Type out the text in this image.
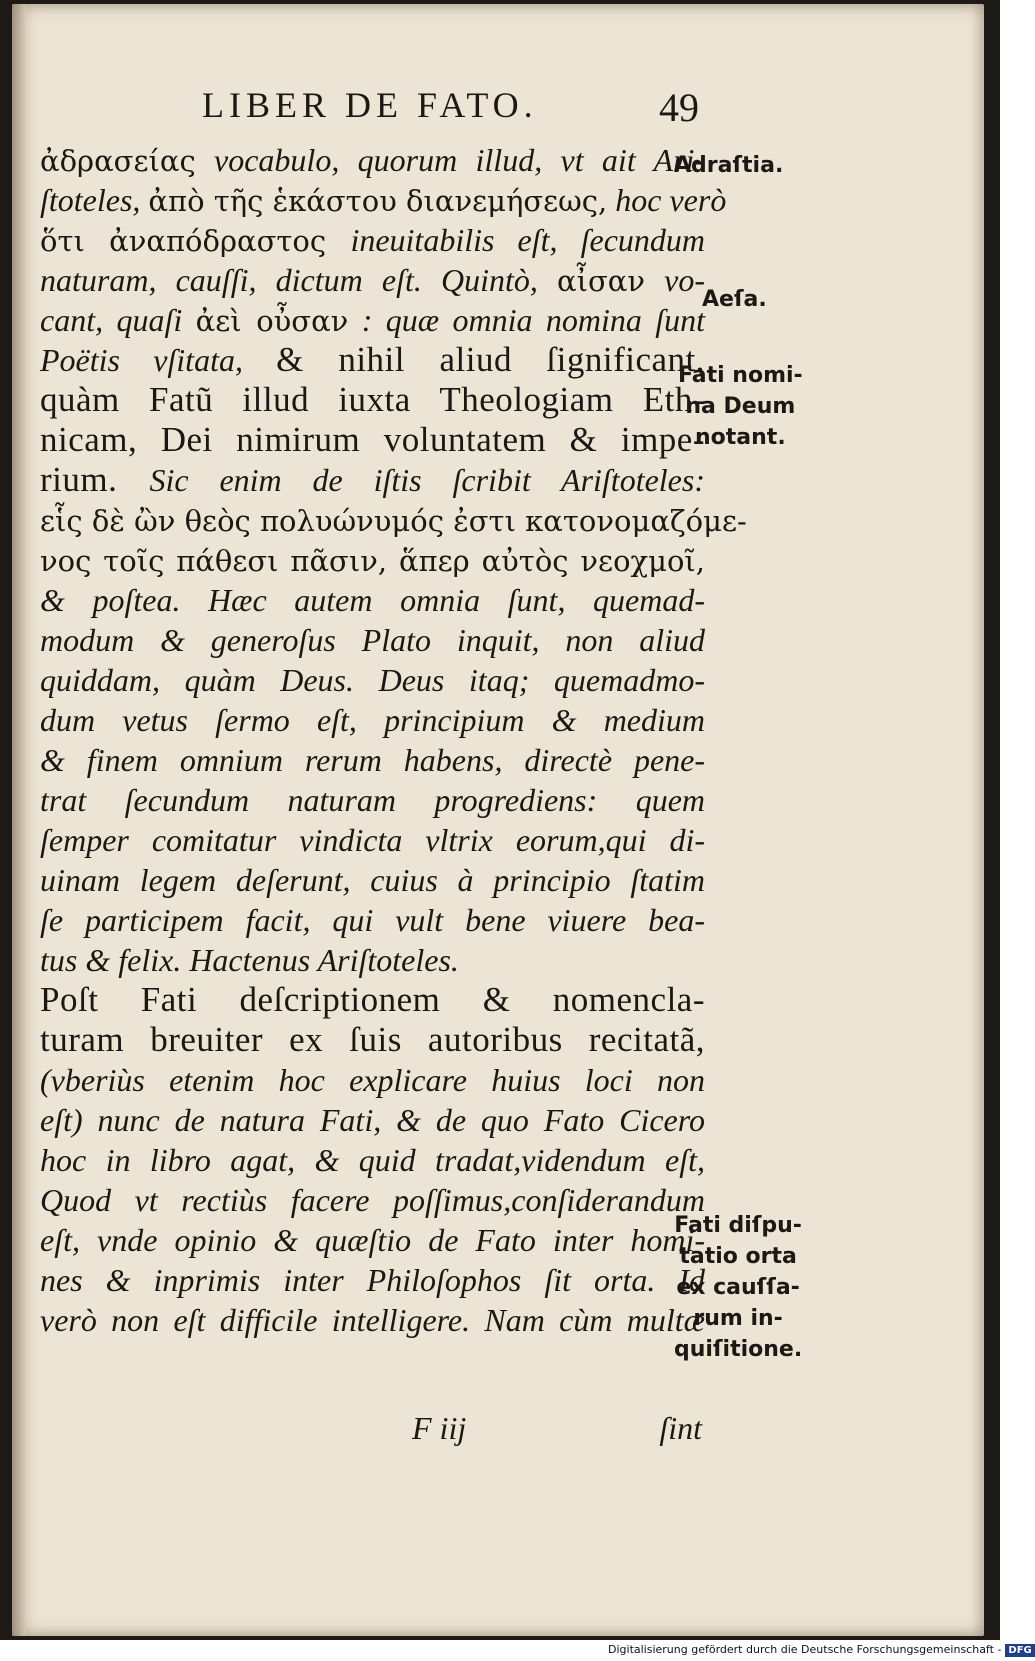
LIBER DE FATO.	49
ἀδρασείας vocabulo, quorum illud, vt ait Ari-
ſtoteles, ἀπὸ τῆς ἑκάστου διανεμήσεως, hoc verò
ὅτι ἀναπόδραστος ineuitabilis eſt, ſecundum
naturam, cauſſi, dictum eſt. Quintò, αἶσαν vo-
cant, quaſi ἀεὶ οὖσαν : quæ omnia nomina ſunt
Poëtis vſitata, & nihil aliud ſignificant,
quàm Fatũ illud iuxta Theologiam Eth-
nicam, Dei nimirum voluntatem & impe-
rium. Sic enim de iſtis ſcribit Ariſtoteles:
εἷς δὲ ὢν θεὸς πολυώνυμός ἐστι κατονομαζόμε-
νος τοῖς πάθεσι πᾶσιν, ἅπερ αὐτὸς νεοχμοῖ,
& poſtea. Hæc autem omnia ſunt, quemad-
modum & generoſus Plato inquit, non aliud
quiddam, quàm Deus. Deus itaq; quemadmo-
dum vetus ſermo eſt, principium & medium
& finem omnium rerum habens, directè pene-
trat ſecundum naturam progrediens: quem
ſemper comitatur vindicta vltrix eorum,qui di-
uinam legem deſerunt, cuius à principio ſtatim
ſe participem facit, qui vult bene viuere bea-
tus & felix. Hactenus Ariſtoteles.
Poſt Fati deſcriptionem & nomencla-
turam breuiter ex ſuis autoribus recitatã,
(vberiùs etenim hoc explicare huius loci non
eſt) nunc de natura Fati, & de quo Fato Cicero
hoc in libro agat, & quid tradat,videndum eſt,
Quod vt rectiùs facere poſſimus,conſiderandum
eſt, vnde opinio & quæſtio de Fato inter homi-
nes & inprimis inter Philoſophos ſit orta. Id
verò non eſt difficile intelligere. Nam cùm multæ
F iij	ſint
Adraſtia.
Aeſa.
Fati nomi-
na Deum
notant.
Fati diſpu-
tatio orta
ex cauſſa-
rum in-
quiſitione.
Digitalisierung gefördert durch die Deutsche Forschungsgemeinschaft - DFG
